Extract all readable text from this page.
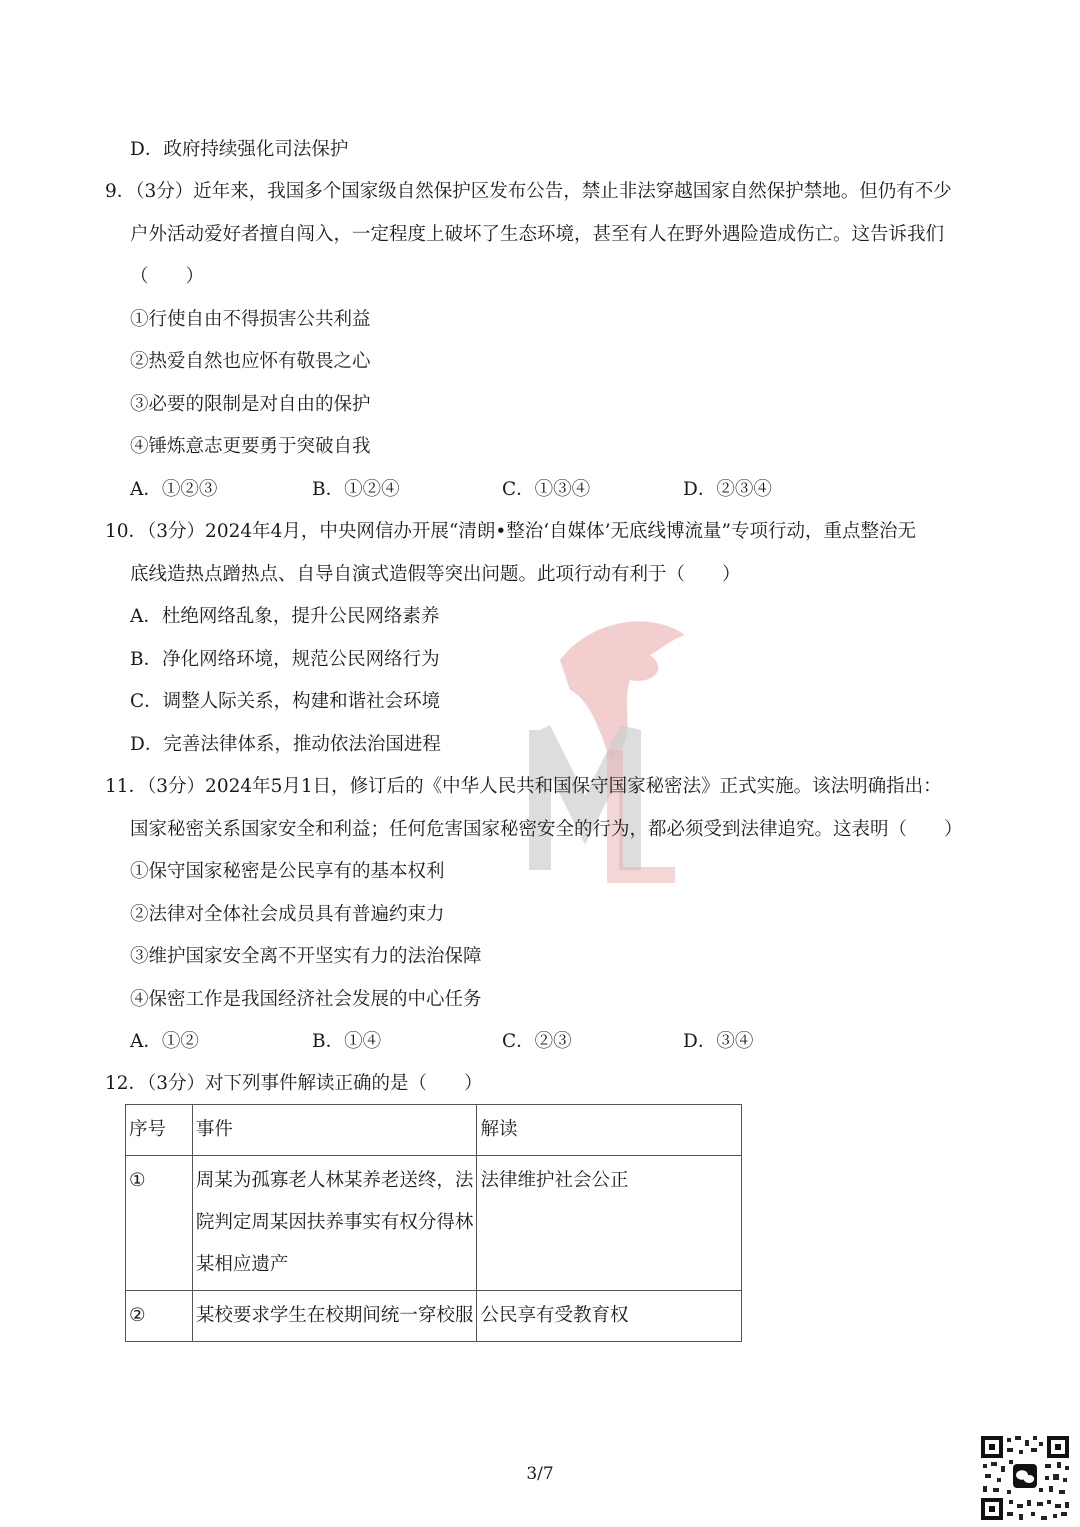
D．政府持续强化司法保护
9．（3分）近年来，我国多个国家级自然保护区发布公告，禁止非法穿越国家自然保护禁地。但仍有不少
户外活动爱好者擅自闯入，一定程度上破坏了生态环境，甚至有人在野外遇险造成伤亡。这告诉我们
（　　）
①行使自由不得损害公共利益
②热爱自然也应怀有敬畏之心
③必要的限制是对自由的保护
④锤炼意志更要勇于突破自我
A．①②③	B．①②④	C．①③④	D．②③④
10．（3分）2024年4月，中央网信办开展“清朗•整治‘自媒体’无底线博流量”专项行动，重点整治无
底线造热点蹭热点、自导自演式造假等突出问题。此项行动有利于（　　）
A．杜绝网络乱象，提升公民网络素养
B．净化网络环境，规范公民网络行为
C．调整人际关系，构建和谐社会环境
D．完善法律体系，推动依法治国进程
11．（3分）2024年5月1日，修订后的《中华人民共和国保守国家秘密法》正式实施。该法明确指出：
国家秘密关系国家安全和利益；任何危害国家秘密安全的行为，都必须受到法律追究。这表明（　　）
①保守国家秘密是公民享有的基本权利
②法律对全体社会成员具有普遍约束力
③维护国家安全离不开坚实有力的法治保障
④保密工作是我国经济社会发展的中心任务
A．①②	B．①④	C．②③	D．③④
12．（3分）对下列事件解读正确的是（　　）
序号	事件	解读
①	周某为孤寡老人林某养老送终，法院判定周某因扶养事实有权分得林某相应遗产	法律维护社会公正
②	某校要求学生在校期间统一穿校服	公民享有受教育权
3/7
